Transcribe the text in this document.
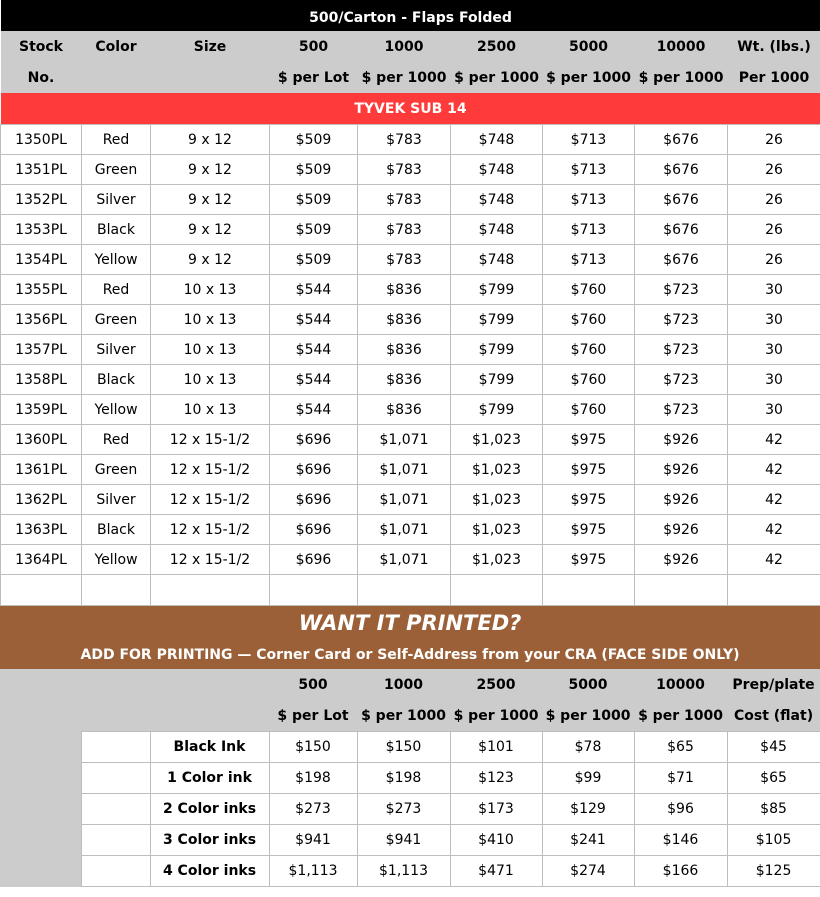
500/Carton - Flaps Folded								
Stock	Color	Size	500	1000	2500	5000	10000	Wt. (lbs.)
No.			$ per Lot	$ per 1000	$ per 1000	$ per 1000	$ per 1000	Per 1000
TYVEK SUB 14								
1350PL	Red	9 x 12	$509	$783	$748	$713	$676	26
1351PL	Green	9 x 12	$509	$783	$748	$713	$676	26
1352PL	Silver	9 x 12	$509	$783	$748	$713	$676	26
1353PL	Black	9 x 12	$509	$783	$748	$713	$676	26
1354PL	Yellow	9 x 12	$509	$783	$748	$713	$676	26
1355PL	Red	10 x 13	$544	$836	$799	$760	$723	30
1356PL	Green	10 x 13	$544	$836	$799	$760	$723	30
1357PL	Silver	10 x 13	$544	$836	$799	$760	$723	30
1358PL	Black	10 x 13	$544	$836	$799	$760	$723	30
1359PL	Yellow	10 x 13	$544	$836	$799	$760	$723	30
1360PL	Red	12 x 15-1/2	$696	$1,071	$1,023	$975	$926	42
1361PL	Green	12 x 15-1/2	$696	$1,071	$1,023	$975	$926	42
1362PL	Silver	12 x 15-1/2	$696	$1,071	$1,023	$975	$926	42
1363PL	Black	12 x 15-1/2	$696	$1,071	$1,023	$975	$926	42
1364PL	Yellow	12 x 15-1/2	$696	$1,071	$1,023	$975	$926	42

WANT IT PRINTED?								
ADD FOR PRINTING — Corner Card or Self-Address from your CRA (FACE SIDE ONLY)								
			500	1000	2500	5000	10000	Prep/plate
			$ per Lot	$ per 1000	$ per 1000	$ per 1000	$ per 1000	Cost (flat)
		Black Ink	$150	$150	$101	$78	$65	$45
		1 Color ink	$198	$198	$123	$99	$71	$65
		2 Color inks	$273	$273	$173	$129	$96	$85
		3 Color inks	$941	$941	$410	$241	$146	$105
		4 Color inks	$1,113	$1,113	$471	$274	$166	$125
